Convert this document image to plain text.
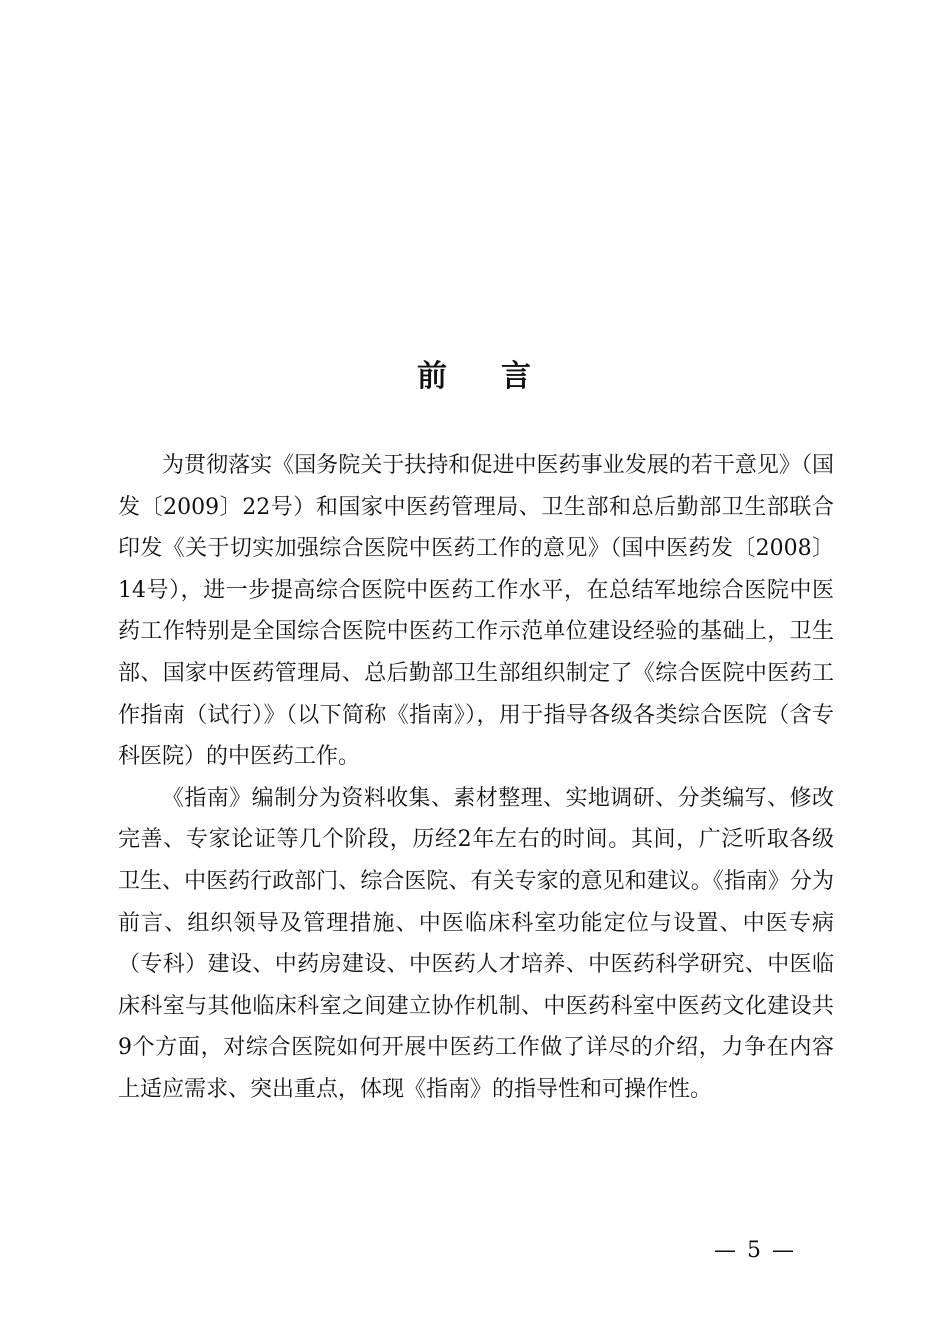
前 言

为贯彻落实《国务院关于扶持和促进中医药事业发展的若干意见》（国发〔2009〕22号）和国家中医药管理局、卫生部和总后勤部卫生部联合印发《关于切实加强综合医院中医药工作的意见》（国中医药发〔2008〕14号），进一步提高综合医院中医药工作水平，在总结军地综合医院中医药工作特别是全国综合医院中医药工作示范单位建设经验的基础上，卫生部、国家中医药管理局、总后勤部卫生部组织制定了《综合医院中医药工作指南（试行）》（以下简称《指南》），用于指导各级各类综合医院（含专科医院）的中医药工作。

《指南》编制分为资料收集、素材整理、实地调研、分类编写、修改完善、专家论证等几个阶段，历经2年左右的时间。其间，广泛听取各级卫生、中医药行政部门、综合医院、有关专家的意见和建议。《指南》分为前言、组织领导及管理措施、中医临床科室功能定位与设置、中医专病（专科）建设、中药房建设、中医药人才培养、中医药科学研究、中医临床科室与其他临床科室之间建立协作机制、中医药科室中医药文化建设共9个方面，对综合医院如何开展中医药工作做了详尽的介绍，力争在内容上适应需求、突出重点，体现《指南》的指导性和可操作性。

— 5 —
